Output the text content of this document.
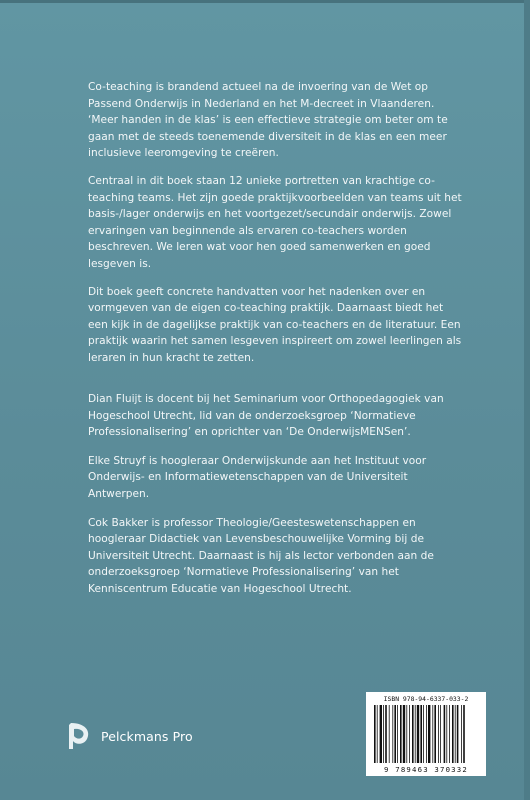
Co-teaching is brandend actueel na de invoering van de Wet op Passend Onderwijs in Nederland en het M-decreet in Vlaanderen. ‘Meer handen in de klas’ is een effectieve strategie om beter om te gaan met de steeds toenemende diversiteit in de klas en een meer inclusieve leeromgeving te creëren.

Centraal in dit boek staan 12 unieke portretten van krachtige co-teaching teams. Het zijn goede praktijkvoorbeelden van teams uit het basis-/lager onderwijs en het voortgezet/secundair onderwijs. Zowel ervaringen van beginnende als ervaren co-teachers worden beschreven. We leren wat voor hen goed samenwerken en goed lesgeven is.

Dit boek geeft concrete handvatten voor het nadenken over en vormgeven van de eigen co-teaching praktijk. Daarnaast biedt het een kijk in de dagelijkse praktijk van co-teachers en de literatuur. Een praktijk waarin het samen lesgeven inspireert om zowel leerlingen als leraren in hun kracht te zetten.

Dian Fluijt is docent bij het Seminarium voor Orthopedagogiek van Hogeschool Utrecht, lid van de onderzoeksgroep ‘Normatieve Professionalisering’ en oprichter van ‘De OnderwijsMENSen’.

Elke Struyf is hoogleraar Onderwijskunde aan het Instituut voor Onderwijs- en Informatiewetenschappen van de Universiteit Antwerpen.

Cok Bakker is professor Theologie/Geesteswetenschappen en hoogleraar Didactiek van Levensbeschouwelijke Vorming bij de Universiteit Utrecht. Daarnaast is hij als lector verbonden aan de onderzoeksgroep ‘Normatieve Professionalisering’ van het Kenniscentrum Educatie van Hogeschool Utrecht.

Pelckmans Pro
ISBN 978-94-6337-033-2
9 789463 370332
